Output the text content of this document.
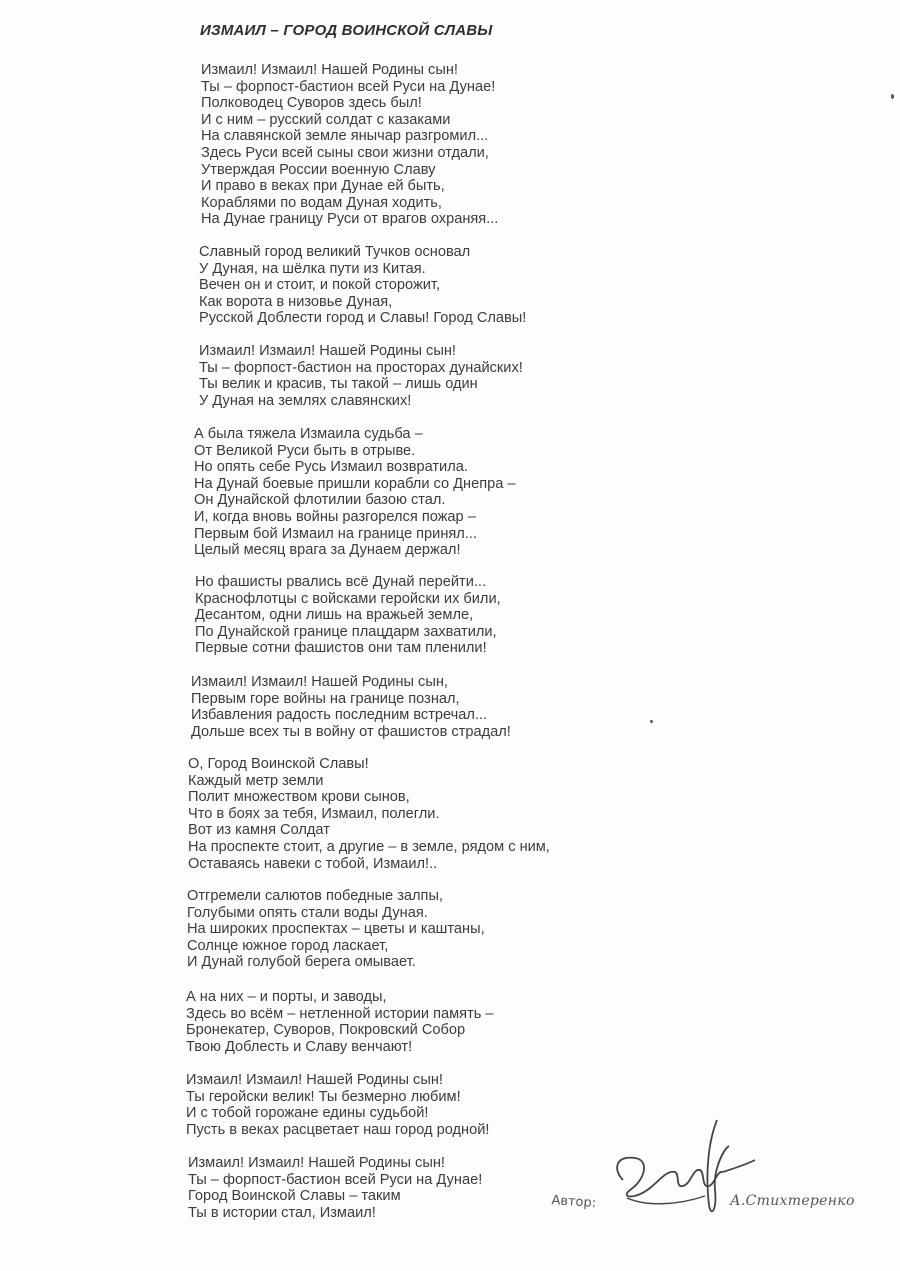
ИЗМАИЛ – ГОРОД ВОИНСКОЙ СЛАВЫ
Измаил! Измаил! Нашей Родины сын!
Ты – форпост-бастион всей Руси на Дунае!
Полководец Суворов здесь был!
И с ним – русский солдат с казаками
На славянской земле янычар разгромил...
Здесь Руси всей сыны свои жизни отдали,
Утверждая России военную Славу
И право в веках при Дунае ей быть,
Кораблями по водам Дуная ходить,
На Дунае границу Руси от врагов охраняя...
Славный город великий Тучков основал
У Дуная, на шёлка пути из Китая.
Вечен он и стоит, и покой сторожит,
Как ворота в низовье Дуная,
Русской Доблести город и Славы! Город Славы!
Измаил! Измаил! Нашей Родины сын!
Ты – форпост-бастион на просторах дунайских!
Ты велик и красив, ты такой – лишь один
У Дуная на землях славянских!
А была тяжела Измаила судьба –
От Великой Руси быть в отрыве.
Но опять себе Русь Измаил возвратила.
На Дунай боевые пришли корабли со Днепра –
Он Дунайской флотилии базою стал.
И, когда вновь войны разгорелся пожар –
Первым бой Измаил на границе принял...
Целый месяц врага за Дунаем держал!
Но фашисты рвались всё Дунай перейти...
Краснофлотцы с войсками геройски их били,
Десантом, одни лишь на вражьей земле,
По Дунайской границе плацдарм захватили,
Первые сотни фашистов они там пленили!
Измаил! Измаил! Нашей Родины сын,
Первым горе войны на границе познал,
Избавления радость последним встречал...
Дольше всех ты в войну от фашистов страдал!
О, Город Воинской Славы!
Каждый метр земли
Полит множеством крови сынов,
Что в боях за тебя, Измаил, полегли.
Вот из камня Солдат
На проспекте стоит, а другие – в земле, рядом с ним,
Оставаясь навеки с тобой, Измаил!..
Отгремели салютов победные залпы,
Голубыми опять стали воды Дуная.
На широких проспектах – цветы и каштаны,
Солнце южное город ласкает,
И Дунай голубой берега омывает.
А на них – и порты, и заводы,
Здесь во всём – нетленной истории память –
Бронекатер, Суворов, Покровский Собор
Твою Доблесть и Славу венчают!
Измаил! Измаил! Нашей Родины сын!
Ты геройски велик! Ты безмерно любим!
И с тобой горожане едины судьбой!
Пусть в веках расцветает наш город родной!
Измаил! Измаил! Нашей Родины сын!
Ты – форпост-бастион всей Руси на Дунае!
Город Воинской Славы – таким
Ты в истории стал, Измаил!
Автор:	А.Стихтеренко
